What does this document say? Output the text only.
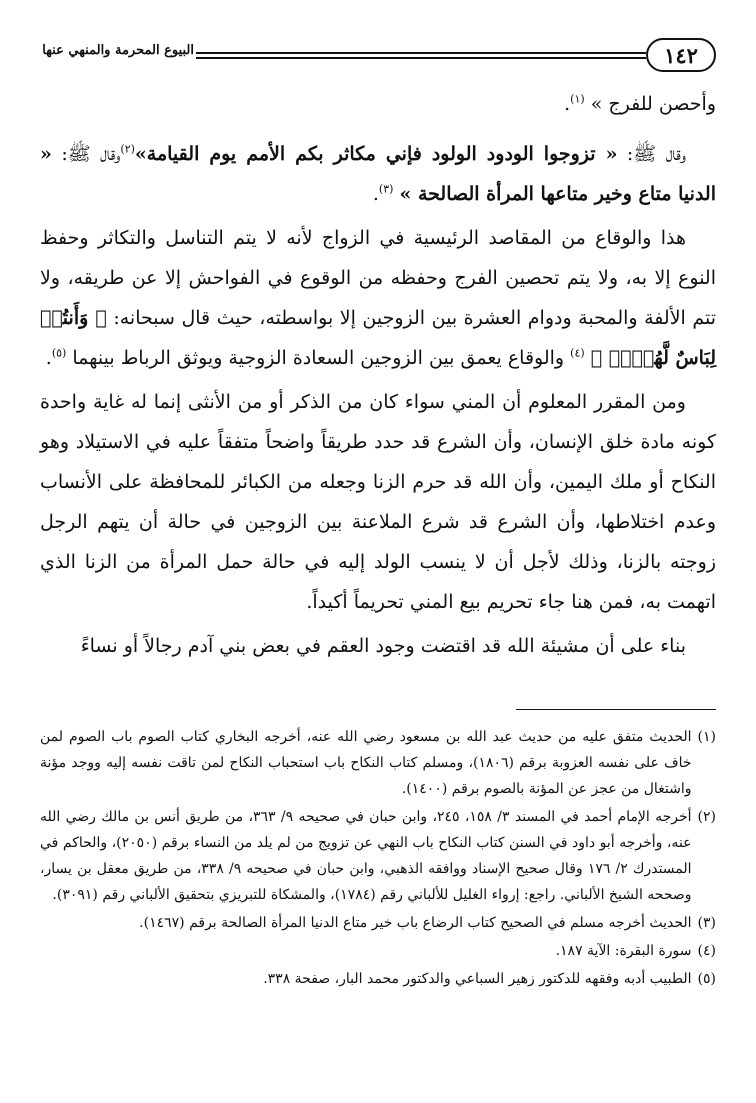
١٤٢
البيوع المحرمة والمنهي عنها

وأحصن للفرج » $^{(١)}$.

وقال ﷺ: « تزوجوا الودود الولود فإني مكاثر بكم الأمم يوم القيامة»$^{(٢)}$وقال ﷺ: « الدنيا متاع وخير متاعها المرأة الصالحة » $^{(٣)}$.

هذا والوقاع من المقاصد الرئيسية في الزواج لأنه لا يتم التناسل والتكاثر وحفظ النوع إلا به، ولا يتم تحصين الفرج وحفظه من الوقوع في الفواحش إلا عن طريقه، ولا تتم الألفة والمحبة ودوام العشرة بين الزوجين إلا بواسطته، حيث قال سبحانه: ﴿ وَأَنتُمۡ لِبَاسٌ لَّهُنَّۗ ﴾ $^{(٤)}$ والوقاع يعمق بين الزوجين السعادة الزوجية ويوثق الرباط بينهما $^{(٥)}$.

ومن المقرر المعلوم أن المني سواء كان من الذكر أو من الأنثى إنما له غاية واحدة كونه مادة خلق الإنسان، وأن الشرع قد حدد طريقاً واضحاً متفقاً عليه في الاستيلاد وهو النكاح أو ملك اليمين، وأن الله قد حرم الزنا وجعله من الكبائر للمحافظة على الأنساب وعدم اختلاطها، وأن الشرع قد شرع الملاعنة بين الزوجين في حالة أن يتهم الرجل زوجته بالزنا، وذلك لأجل أن لا ينسب الولد إليه في حالة حمل المرأة من الزنا الذي اتهمت به، فمن هنا جاء تحريم بيع المني تحريماً أكيداً.

بناء على أن مشيئة الله قد اقتضت وجود العقم في بعض بني آدم رجالاً أو نساءً

(١)
الحديث متفق عليه من حديث عبد الله بن مسعود رضي الله عنه، أخرجه البخاري كتاب الصوم باب الصوم لمن خاف على نفسه العزوبة برقم (١٨٠٦)، ومسلم كتاب النكاح باب استحباب النكاح لمن تاقت نفسه إليه ووجد مؤنة واشتغال من عجز عن المؤنة بالصوم برقم (١٤٠٠).
(٢)
أخرجه الإمام أحمد في المسند ٣/ ١٥٨، ٢٤٥، وابن حبان في صحيحه ٩/ ٣٦٣، من طريق أنس بن مالك رضي الله عنه، وأخرجه أبو داود في السنن كتاب النكاح باب النهي عن تزويج من لم يلد من النساء برقم (٢٠٥٠)، والحاكم في المستدرك ٢/ ١٧٦ وقال صحيح الإسناد ووافقه الذهبي، وابن حبان في صحيحه ٩/ ٣٣٨، من طريق معقل بن يسار، وصححه الشيخ الألباني. راجع: إرواء الغليل للألباني رقم (١٧٨٤)، والمشكاة للتبريزي بتحقيق الألباني رقم (٣٠٩١).
(٣)
الحديث أخرجه مسلم في الصحيح كتاب الرضاع باب خير متاع الدنيا المرأة الصالحة برقم (١٤٦٧).
(٤)
سورة البقرة: الآية ١٨٧.
(٥)
الطبيب أدبه وفقهه للدكتور زهير السباعي والدكتور محمد البار، صفحة ٣٣٨.
